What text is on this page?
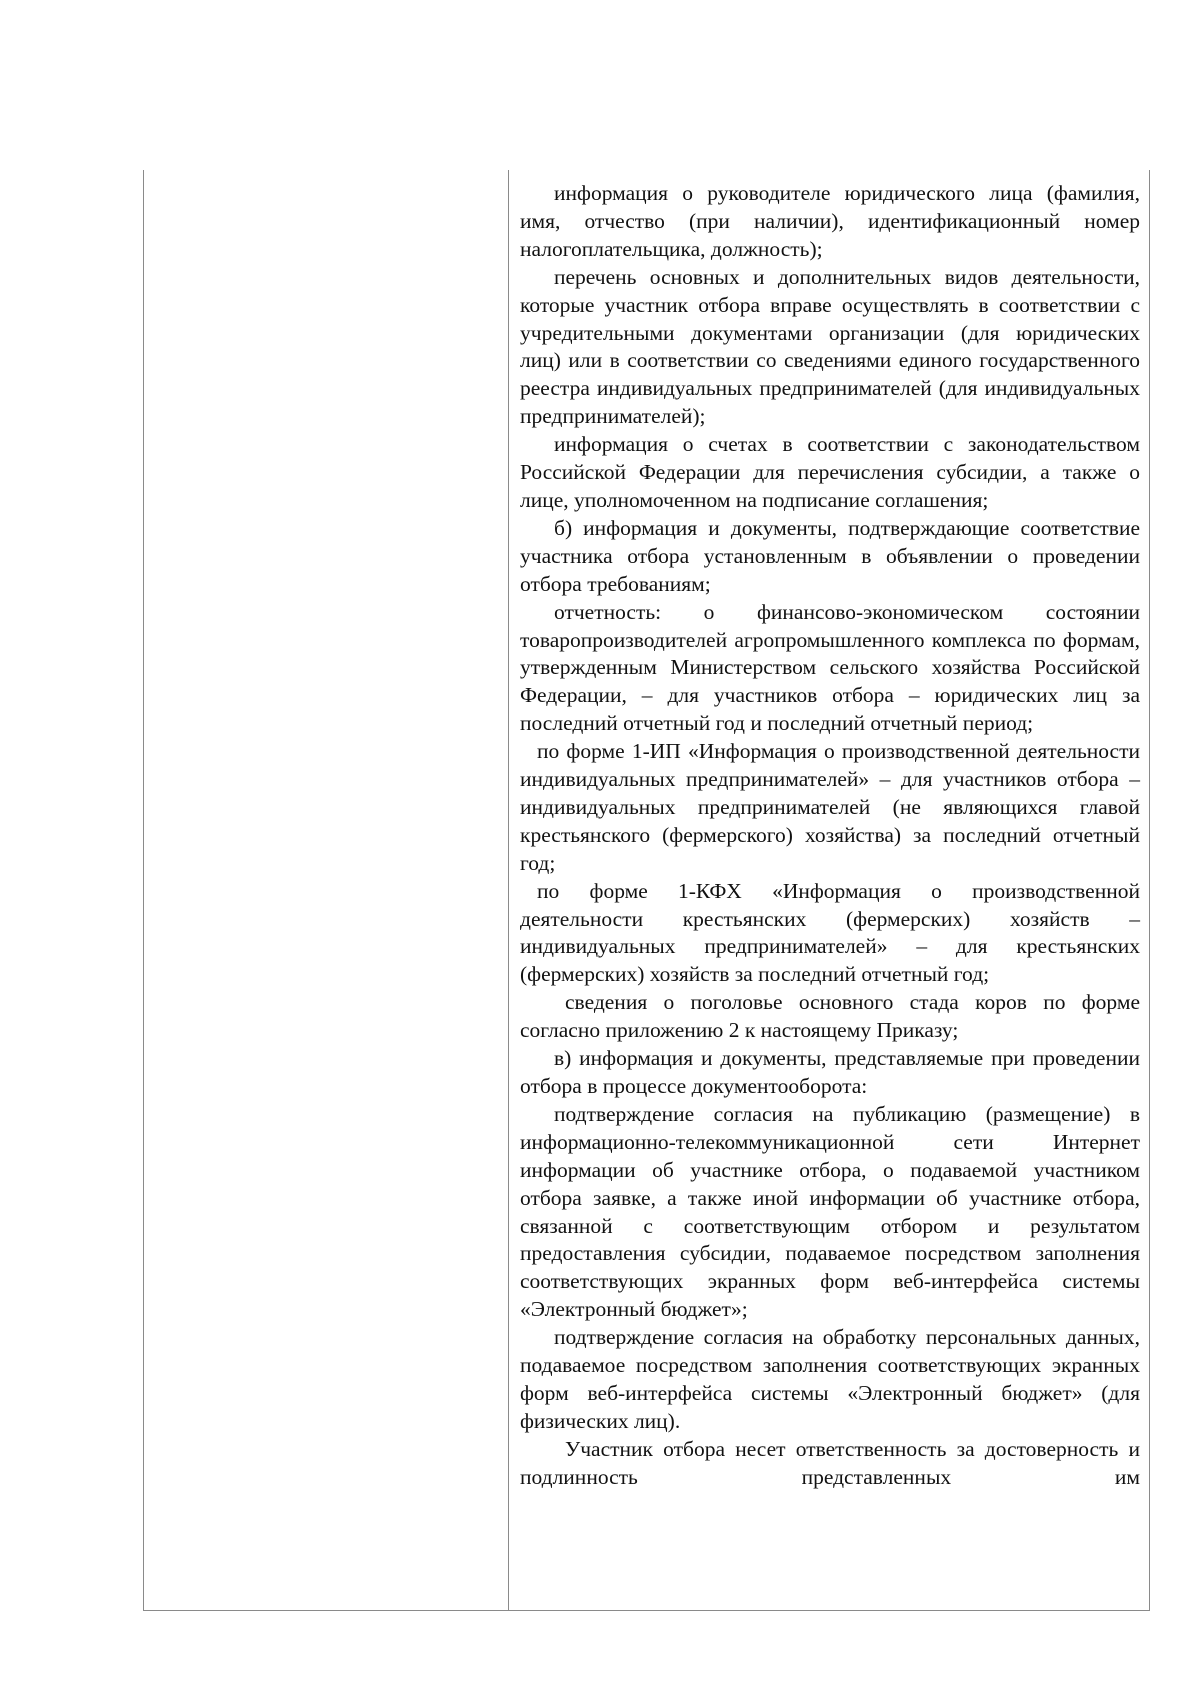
информация о руководителе юридического лица (фамилия, имя, отчество (при наличии), идентификационный номер налогоплательщика, должность);

перечень основных и дополнительных видов деятельности, которые участник отбора вправе осуществлять в соответствии с учредительными документами организации (для юридических лиц) или в соответствии со сведениями единого государственного реестра индивидуальных предпринимателей (для индивидуальных предпринимателей);

информация о счетах в соответствии с законодательством Российской Федерации для перечисления субсидии, а также о лице, уполномоченном на подписание соглашения;

б) информация и документы, подтверждающие соответствие участника отбора установленным в объявлении о проведении отбора требованиям;

отчетность: о финансово-экономическом состоянии товаропроизводителей агропромышленного комплекса по формам, утвержденным Министерством сельского хозяйства Российской Федерации, – для участников отбора – юридических лиц за последний отчетный год и последний отчетный период;

по форме 1-ИП «Информация о производственной деятельности индивидуальных предпринимателей» – для участников отбора – индивидуальных предпринимателей (не являющихся главой крестьянского (фермерского) хозяйства) за последний отчетный год;

по форме 1-КФХ «Информация о производственной деятельности крестьянских (фермерских) хозяйств – индивидуальных предпринимателей» – для крестьянских (фермерских) хозяйств за последний отчетный год;

сведения о поголовье основного стада коров по форме согласно приложению 2 к настоящему Приказу;

в) информация и документы, представляемые при проведении отбора в процессе документооборота:

подтверждение согласия на публикацию (размещение) в информационно-телекоммуникационной сети Интернет информации об участнике отбора, о подаваемой участником отбора заявке, а также иной информации об участнике отбора, связанной с соответствующим отбором и результатом предоставления субсидии, подаваемое посредством заполнения соответствующих экранных форм веб-интерфейса системы «Электронный бюджет»;

подтверждение согласия на обработку персональных данных, подаваемое посредством заполнения соответствующих экранных форм веб-интерфейса системы «Электронный бюджет» (для физических лиц).

Участник отбора несет ответственность за достоверность и подлинность представленных им
